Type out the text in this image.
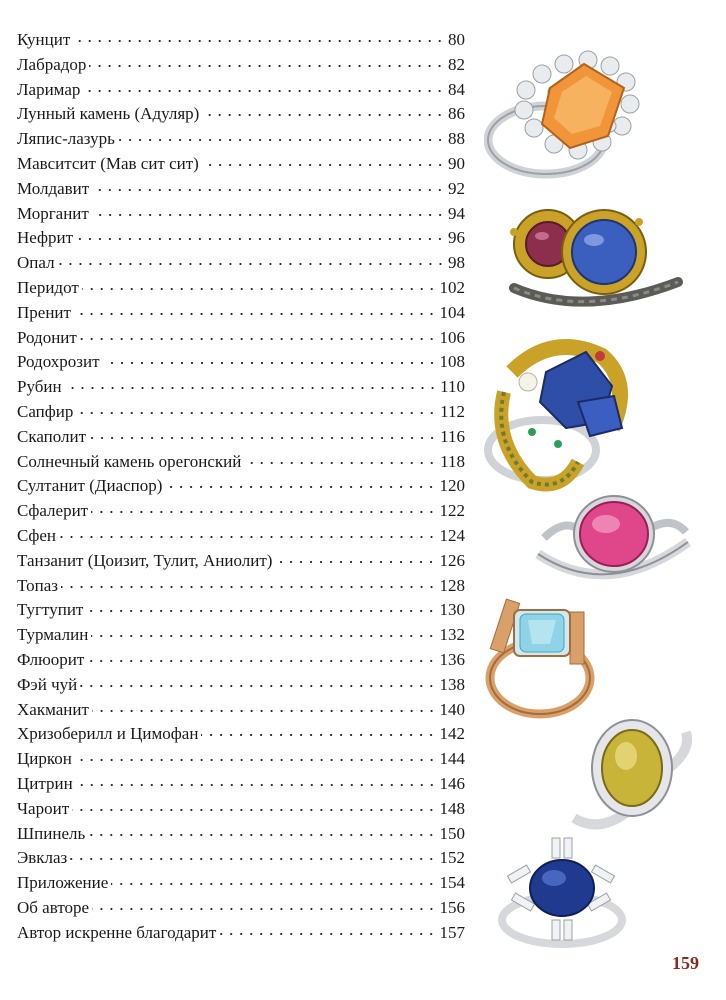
Кунцит	80
Лабрадор	82
Ларимар	84
Лунный камень (Адуляр)	86
Ляпис-лазурь	88
Мавситсит (Мав сит сит)	90
Молдавит	92
Морганит	94
Нефрит	96
Опал	98
Перидот	102
Пренит	104
Родонит	106
Родохрозит	108
Рубин	110
Сапфир	112
Скаполит	116
Солнечный камень орегонский	118
Султанит (Диаспор)	120
Сфалерит	122
Сфен	124
Танзанит (Цоизит, Тулит, Аниолит)	126
Топаз	128
Тугтупит	130
Турмалин	132
Флюорит	136
Фэй чуй	138
Хакманит	140
Хризоберилл и Цимофан	142
Циркон	144
Цитрин	146
Чароит	148
Шпинель	150
Эвклаз	152
Приложение	154
Об авторе	156
Автор искренне благодарит	157
159
